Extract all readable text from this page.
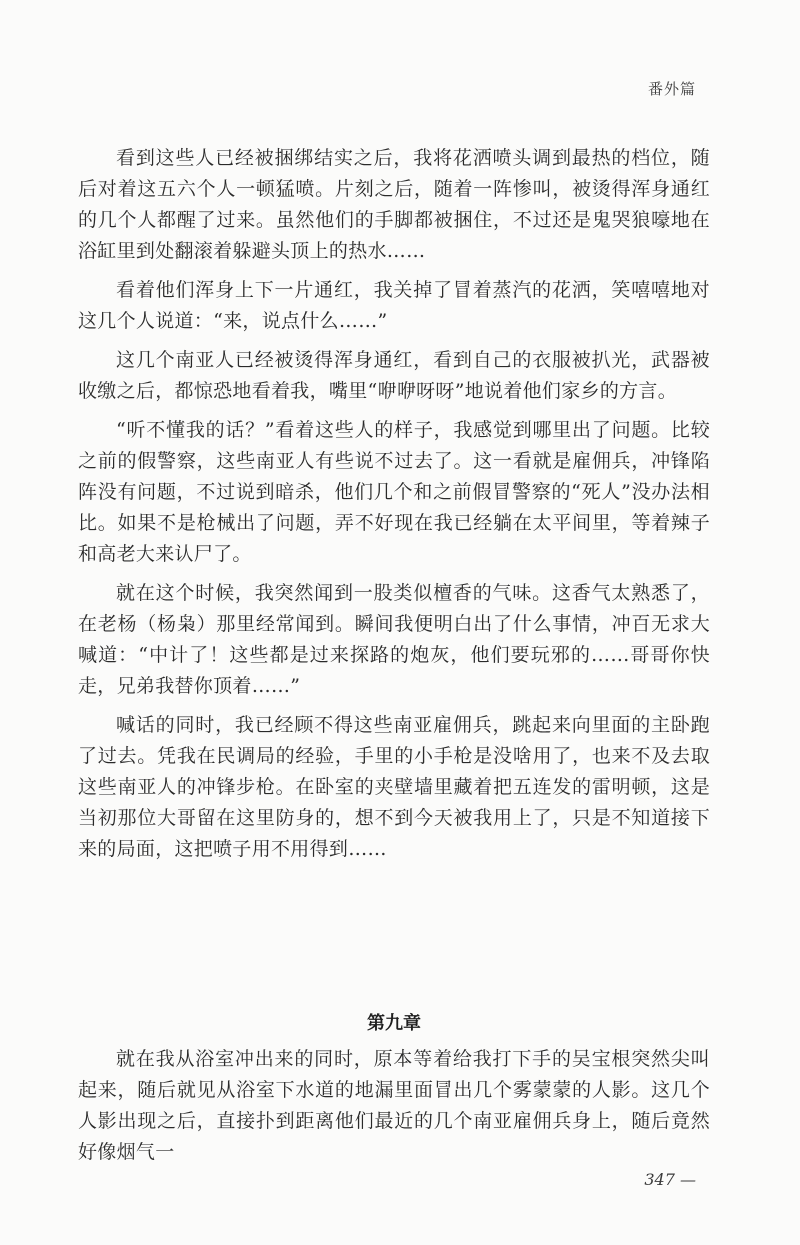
番外篇

看到这些人已经被捆绑结实之后，我将花洒喷头调到最热的档位，随后对着这五六个人一顿猛喷。片刻之后，随着一阵惨叫，被烫得浑身通红的几个人都醒了过来。虽然他们的手脚都被捆住，不过还是鬼哭狼嚎地在浴缸里到处翻滚着躲避头顶上的热水……

看着他们浑身上下一片通红，我关掉了冒着蒸汽的花洒，笑嘻嘻地对这几个人说道：“来，说点什么……”

这几个南亚人已经被烫得浑身通红，看到自己的衣服被扒光，武器被收缴之后，都惊恐地看着我，嘴里“咿咿呀呀”地说着他们家乡的方言。

“听不懂我的话？”看着这些人的样子，我感觉到哪里出了问题。比较之前的假警察，这些南亚人有些说不过去了。这一看就是雇佣兵，冲锋陷阵没有问题，不过说到暗杀，他们几个和之前假冒警察的“死人”没办法相比。如果不是枪械出了问题，弄不好现在我已经躺在太平间里，等着辣子和高老大来认尸了。

就在这个时候，我突然闻到一股类似檀香的气味。这香气太熟悉了，在老杨（杨枭）那里经常闻到。瞬间我便明白出了什么事情，冲百无求大喊道：“中计了！这些都是过来探路的炮灰，他们要玩邪的……哥哥你快走，兄弟我替你顶着……”

喊话的同时，我已经顾不得这些南亚雇佣兵，跳起来向里面的主卧跑了过去。凭我在民调局的经验，手里的小手枪是没啥用了，也来不及去取这些南亚人的冲锋步枪。在卧室的夹壁墙里藏着把五连发的雷明顿，这是当初那位大哥留在这里防身的，想不到今天被我用上了，只是不知道接下来的局面，这把喷子用不用得到……

第九章

就在我从浴室冲出来的同时，原本等着给我打下手的吴宝根突然尖叫起来，随后就见从浴室下水道的地漏里面冒出几个雾蒙蒙的人影。这几个人影出现之后，直接扑到距离他们最近的几个南亚雇佣兵身上，随后竟然好像烟气一

347 —
